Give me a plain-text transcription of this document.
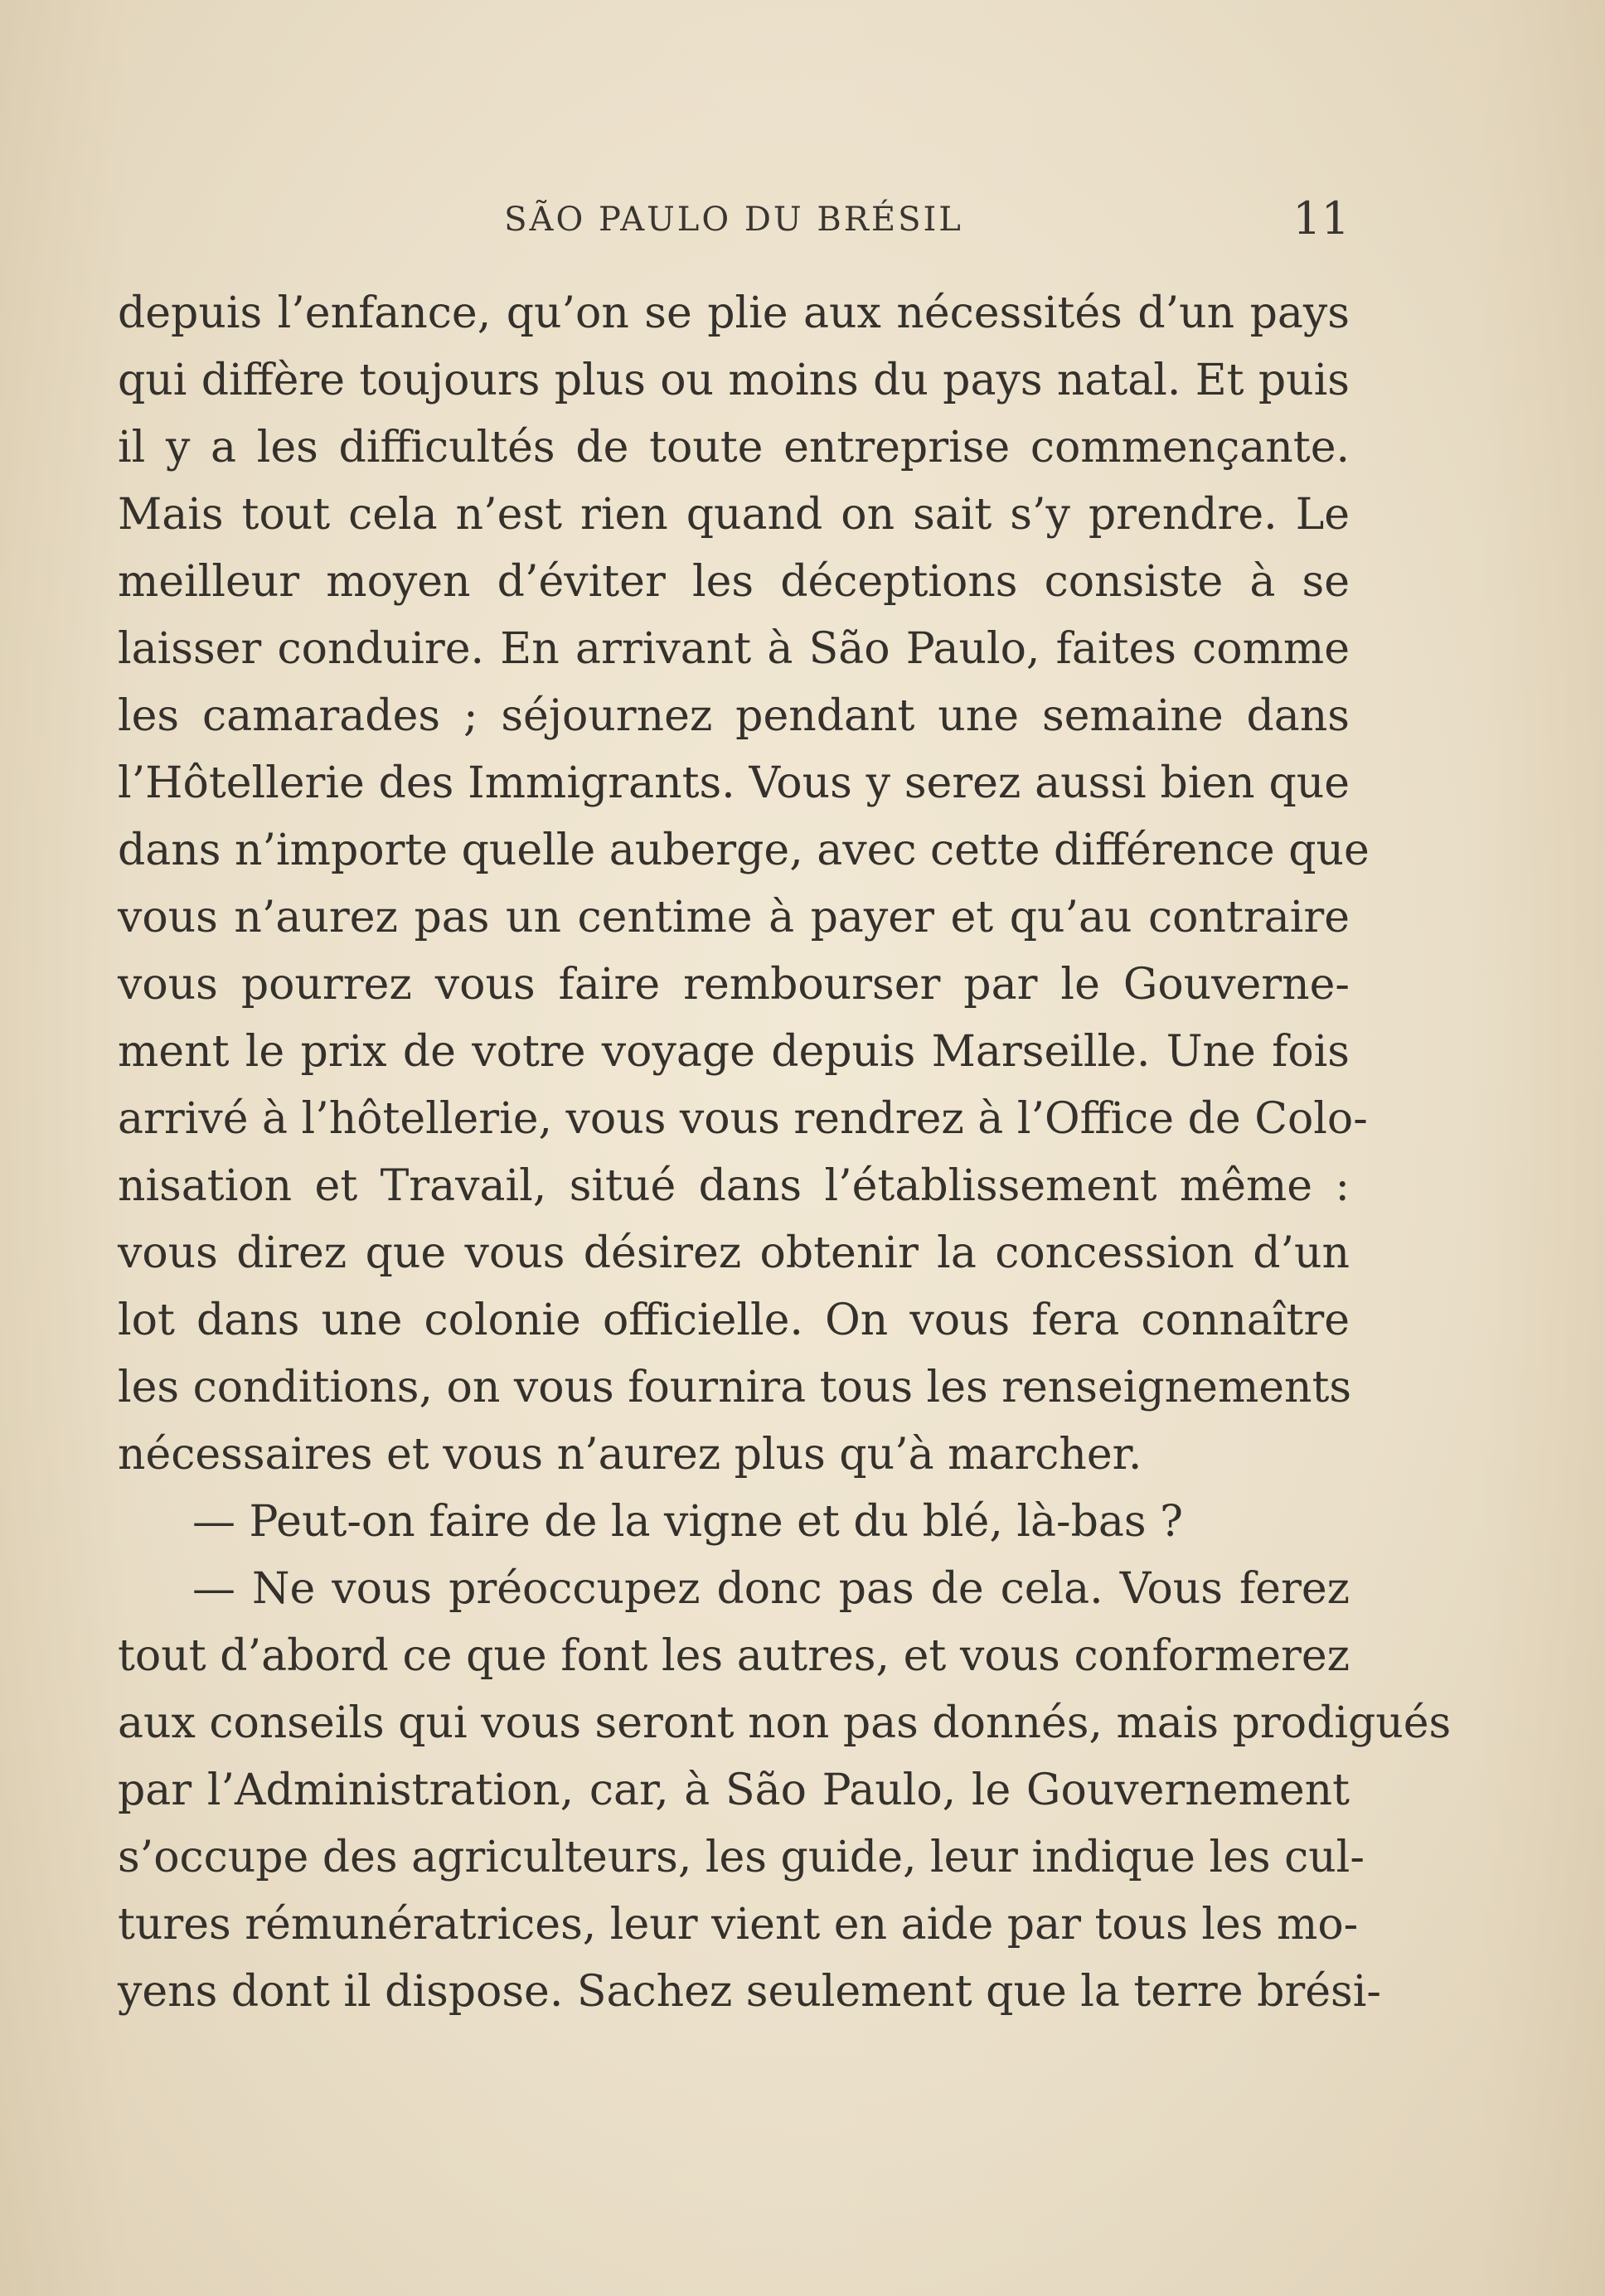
SÃO PAULO DU BRÉSIL	11
depuis l’enfance, qu’on se plie aux nécessités d’un pays
qui diffère toujours plus ou moins du pays natal. Et puis
il y a les difficultés de toute entreprise commençante.
Mais tout cela n’est rien quand on sait s’y prendre. Le
meilleur moyen d’éviter les déceptions consiste à se
laisser conduire. En arrivant à São Paulo, faites comme
les camarades ; séjournez pendant une semaine dans
l’Hôtellerie des Immigrants. Vous y serez aussi bien que
dans n’importe quelle auberge, avec cette différence que
vous n’aurez pas un centime à payer et qu’au contraire
vous pourrez vous faire rembourser par le Gouverne-
ment le prix de votre voyage depuis Marseille. Une fois
arrivé à l’hôtellerie, vous vous rendrez à l’Office de Colo-
nisation et Travail, situé dans l’établissement même :
vous direz que vous désirez obtenir la concession d’un
lot dans une colonie officielle. On vous fera connaître
les conditions, on vous fournira tous les renseignements
nécessaires et vous n’aurez plus qu’à marcher.
— Peut-on faire de la vigne et du blé, là-bas ?
— Ne vous préoccupez donc pas de cela. Vous ferez
tout d’abord ce que font les autres, et vous conformerez
aux conseils qui vous seront non pas donnés, mais prodigués
par l’Administration, car, à São Paulo, le Gouvernement
s’occupe des agriculteurs, les guide, leur indique les cul-
tures rémunératrices, leur vient en aide par tous les mo-
yens dont il dispose. Sachez seulement que la terre brési-
